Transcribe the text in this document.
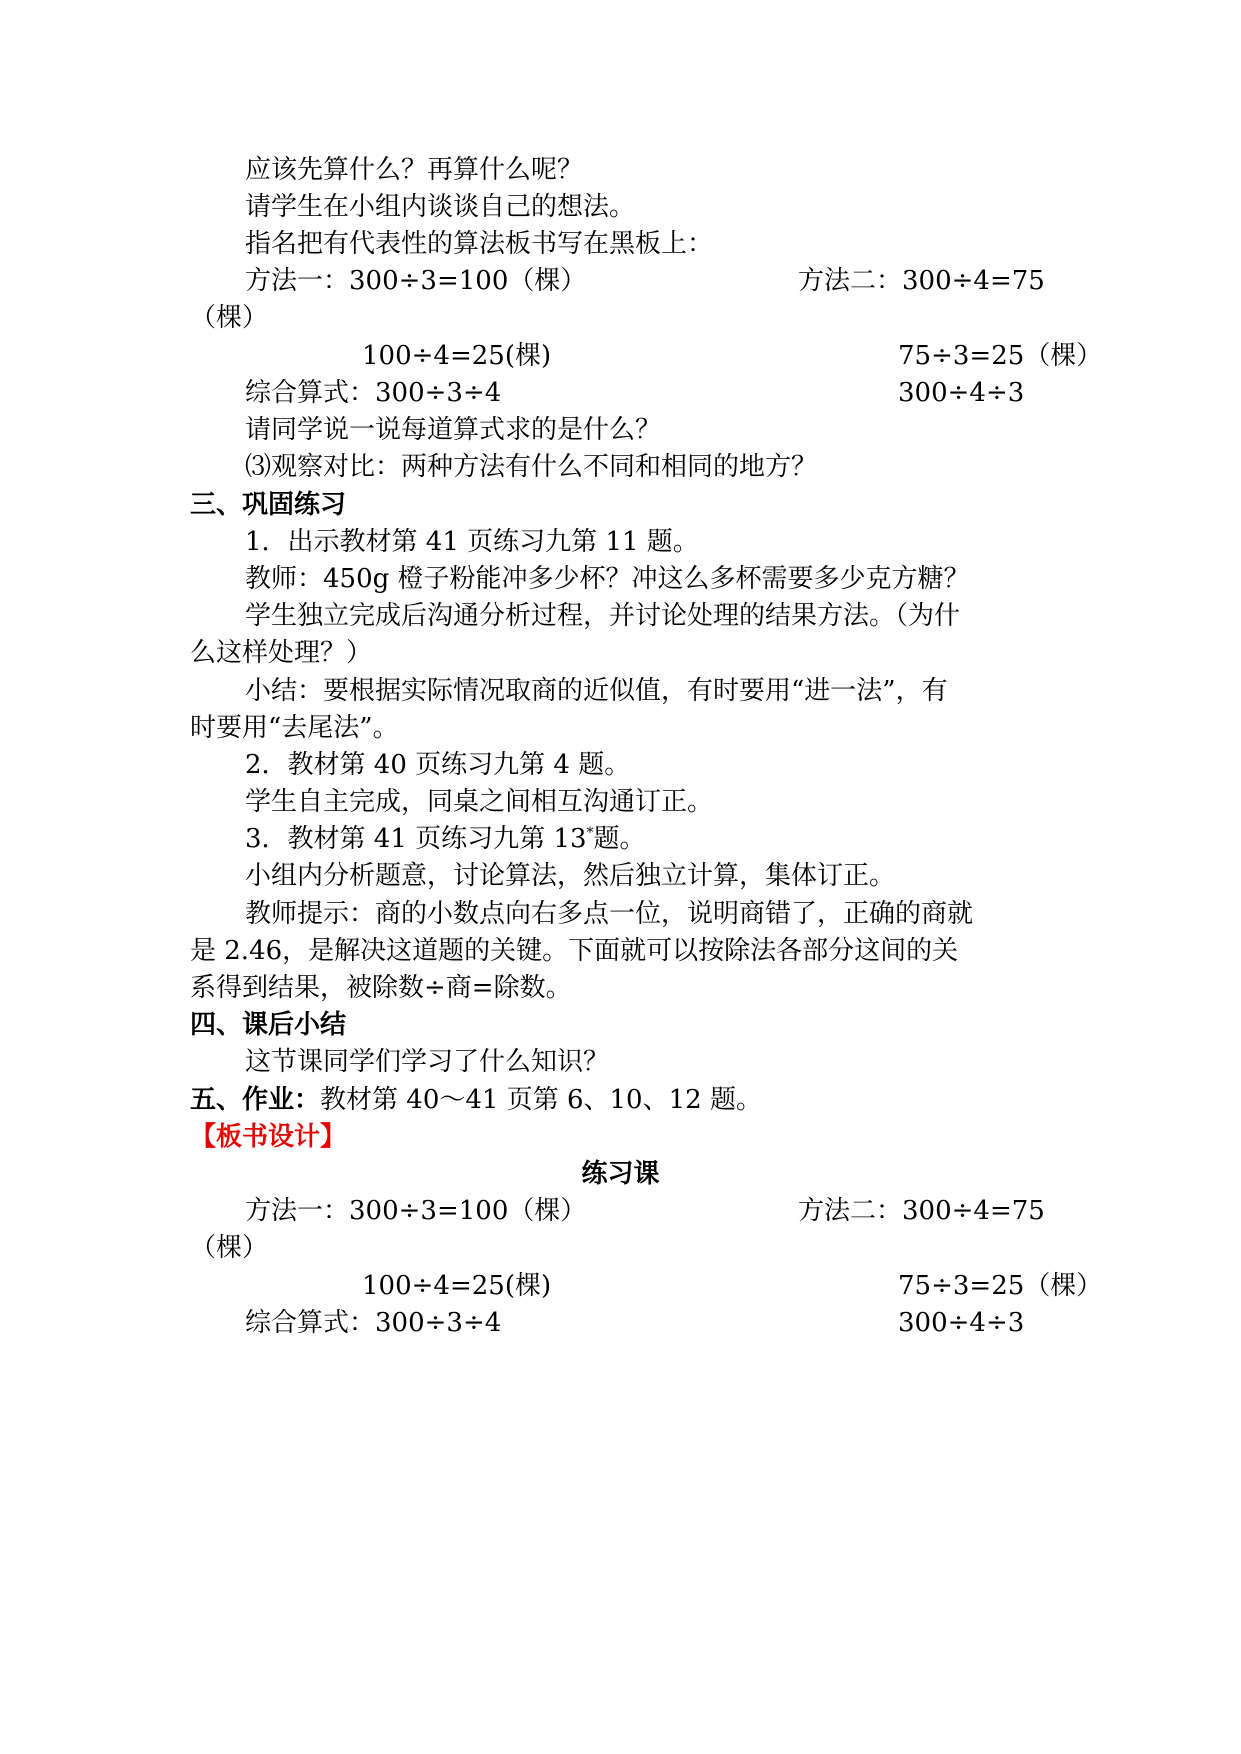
应该先算什么？再算什么呢？
请学生在小组内谈谈自己的想法。
指名把有代表性的算法板书写在黑板上：
方法一：300÷3=100（棵）	方法二：300÷4=75
（棵）
100÷4=25(棵)	75÷3=25（棵）
综合算式：300÷3÷4	300÷4÷3
请同学说一说每道算式求的是什么？
⑶观察对比：两种方法有什么不同和相同的地方？
三、巩固练习
1．出示教材第 41 页练习九第 11 题。
教师：450g 橙子粉能冲多少杯？冲这么多杯需要多少克方糖？
学生独立完成后沟通分析过程，并讨论处理的结果方法。（为什
么这样处理？）
小结：要根据实际情况取商的近似值，有时要用“进一法”，有
时要用“去尾法”。
2．教材第 40 页练习九第 4 题。
学生自主完成，同桌之间相互沟通订正。
3．教材第 41 页练习九第 13*题。
小组内分析题意，讨论算法，然后独立计算，集体订正。
教师提示：商的小数点向右多点一位，说明商错了，正确的商就
是 2.46，是解决这道题的关键。下面就可以按除法各部分这间的关
系得到结果，被除数÷商=除数。
四、课后小结
这节课同学们学习了什么知识？
五、作业：教材第 40～41 页第 6、10、12 题。
【板书设计】
练习课
方法一：300÷3=100（棵）	方法二：300÷4=75
（棵）
100÷4=25(棵)	75÷3=25（棵）
综合算式：300÷3÷4	300÷4÷3
